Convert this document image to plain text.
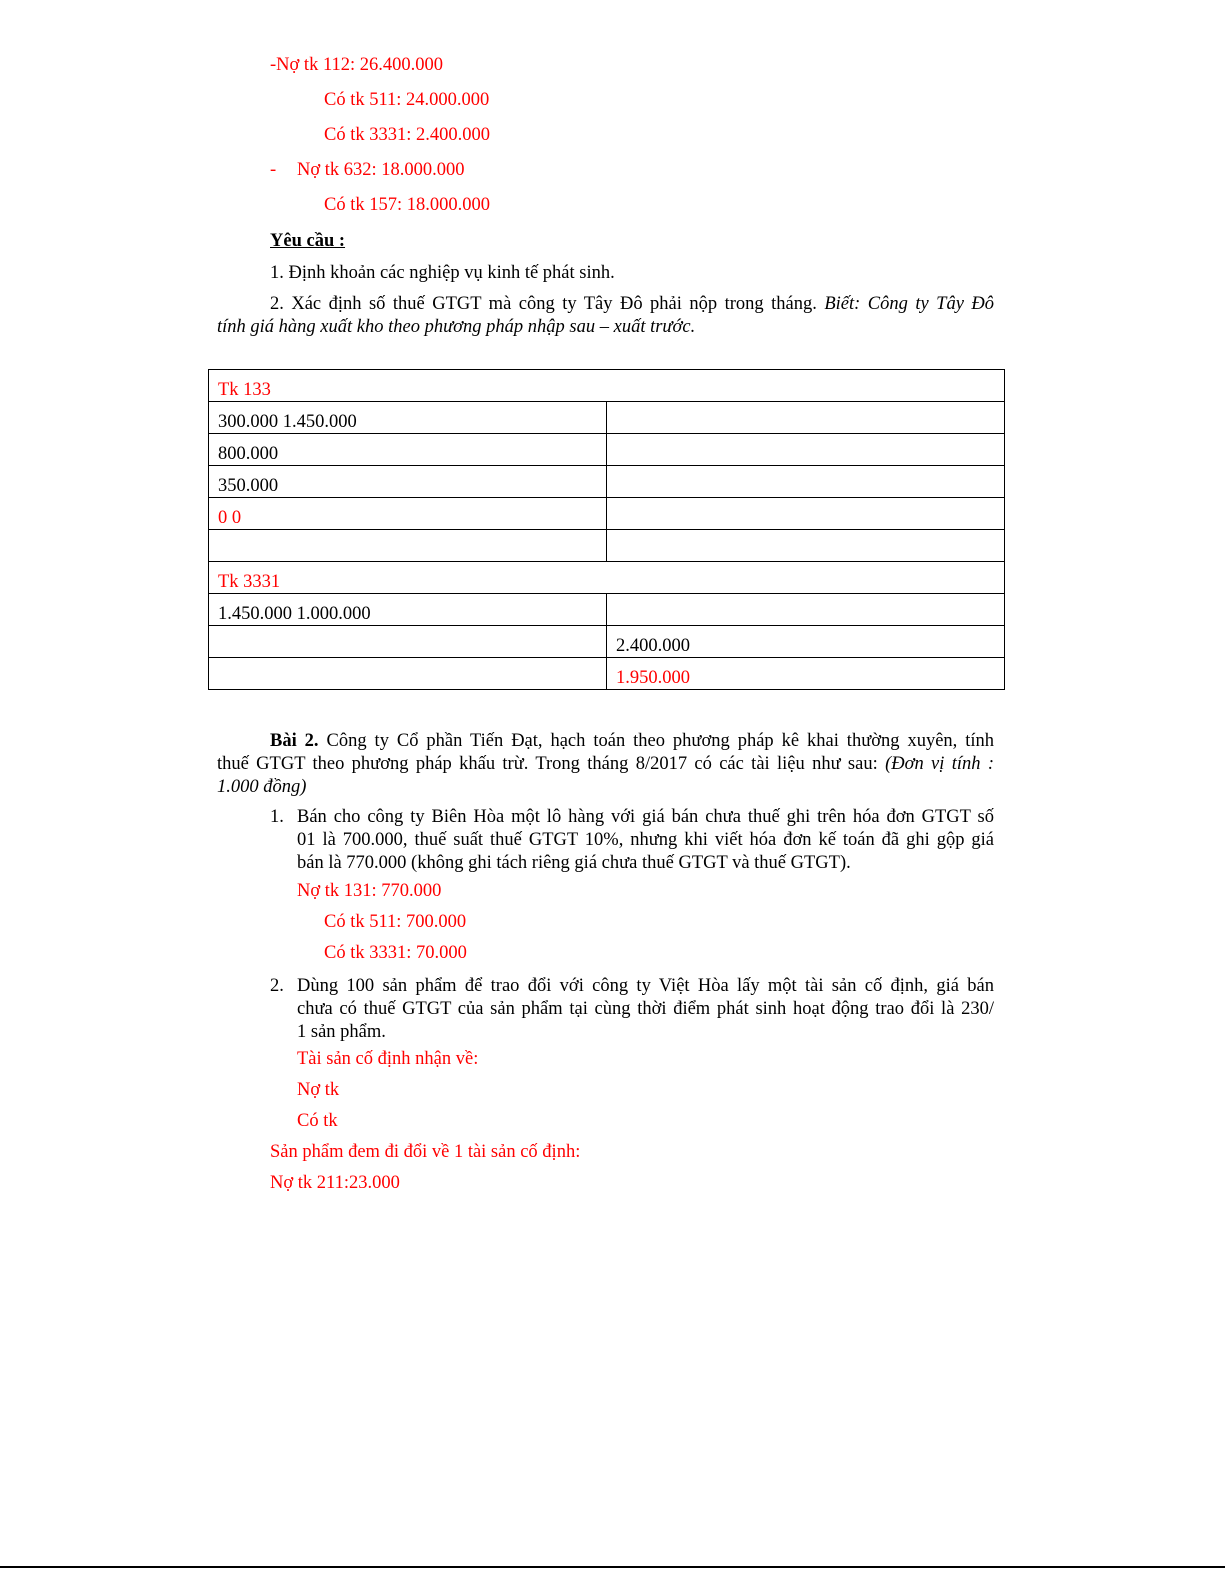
-Nợ tk 112: 26.400.000
Có tk 511: 24.000.000
Có tk 3331: 2.400.000
- Nợ tk 632: 18.000.000
Có tk 157: 18.000.000
Yêu cầu :
1. Định khoản các nghiệp vụ kinh tế phát sinh.
2. Xác định số thuế GTGT mà công ty Tây Đô phải nộp trong tháng. Biết: Công ty Tây Đô
tính giá hàng xuất kho theo phương pháp nhập sau – xuất trước.
Tk 133	
300.000 1.450.000	
800.000	
350.000	
0 0	

Tk 3331	
1.450.000 1.000.000	
	2.400.000
	1.950.000
Bài 2. Công ty Cổ phần Tiến Đạt, hạch toán theo phương pháp kê khai thường xuyên, tính
thuế GTGT theo phương pháp khấu trừ. Trong tháng 8/2017 có các tài liệu như sau: (Đơn vị tính :
1.000 đồng)
1. Bán cho công ty Biên Hòa một lô hàng với giá bán chưa thuế ghi trên hóa đơn GTGT số
01 là 700.000, thuế suất thuế GTGT 10%, nhưng khi viết hóa đơn kế toán đã ghi gộp giá
bán là 770.000 (không ghi tách riêng giá chưa thuế GTGT và thuế GTGT).
Nợ tk 131: 770.000
Có tk 511: 700.000
Có tk 3331: 70.000
2. Dùng 100 sản phẩm để trao đổi với công ty Việt Hòa lấy một tài sản cố định, giá bán
chưa có thuế GTGT của sản phẩm tại cùng thời điểm phát sinh hoạt động trao đổi là 230/
1 sản phẩm.
Tài sản cố định nhận về:
Nợ tk
Có tk
Sản phẩm đem đi đổi về 1 tài sản cố định:
Nợ tk 211:23.000
